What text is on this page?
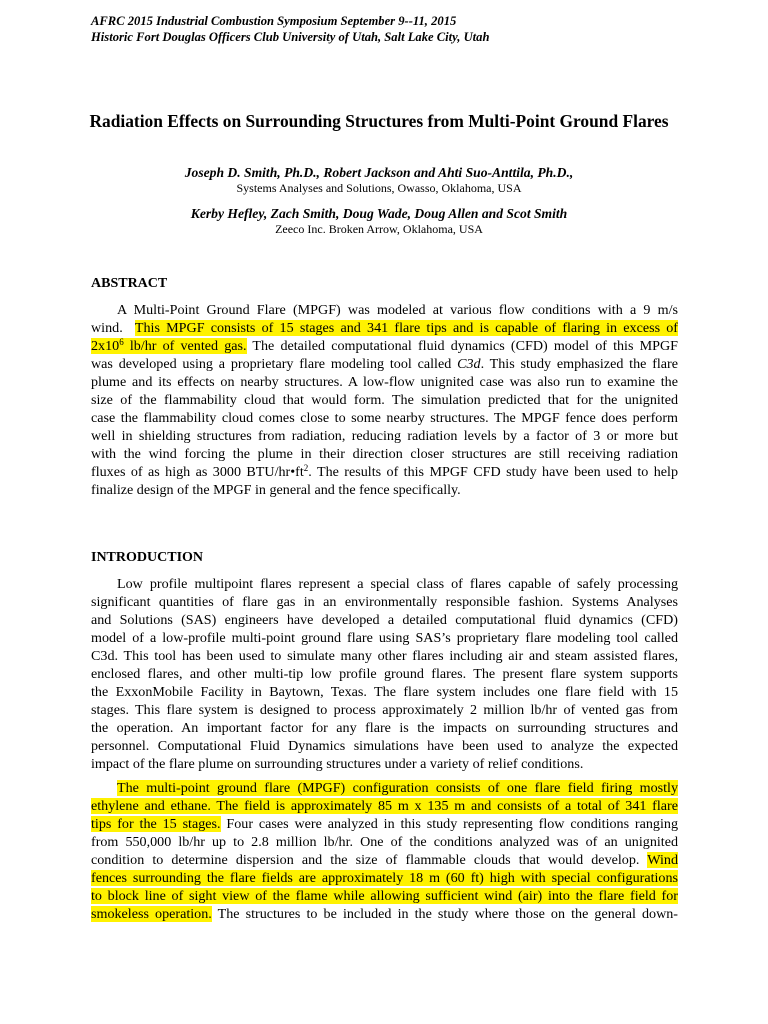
AFRC 2015 Industrial Combustion Symposium September 9--11, 2015
Historic Fort Douglas Officers Club University of Utah, Salt Lake City, Utah
Radiation Effects on Surrounding Structures from Multi-Point Ground Flares
Joseph D. Smith, Ph.D., Robert Jackson and Ahti Suo-Anttila, Ph.D.,
Systems Analyses and Solutions, Owasso, Oklahoma, USA
Kerby Hefley, Zach Smith, Doug Wade, Doug Allen and Scot Smith
Zeeco Inc. Broken Arrow, Oklahoma, USA
ABSTRACT
A Multi-Point Ground Flare (MPGF) was modeled at various flow conditions with a 9 m/s
wind. This MPGF consists of 15 stages and 341 flare tips and is capable of flaring in excess of
$2x10^6$ lb/hr of vented gas. The detailed computational fluid dynamics (CFD) model of this MPGF
was developed using a proprietary flare modeling tool called C3d. This study emphasized the flare
plume and its effects on nearby structures. A low-flow unignited case was also run to examine the
size of the flammability cloud that would form. The simulation predicted that for the unignited
case the flammability cloud comes close to some nearby structures. The MPGF fence does perform
well in shielding structures from radiation, reducing radiation levels by a factor of 3 or more but
with the wind forcing the plume in their direction closer structures are still receiving radiation
fluxes of as high as 3000 BTU/$hr•ft^2$. The results of this MPGF CFD study have been used to help
finalize design of the MPGF in general and the fence specifically.
INTRODUCTION
Low profile multipoint flares represent a special class of flares capable of safely processing
significant quantities of flare gas in an environmentally responsible fashion. Systems Analyses
and Solutions (SAS) engineers have developed a detailed computational fluid dynamics (CFD)
model of a low-profile multi-point ground flare using SAS’s proprietary flare modeling tool called
C3d. This tool has been used to simulate many other flares including air and steam assisted flares,
enclosed flares, and other multi-tip low profile ground flares. The present flare system supports
the ExxonMobile Facility in Baytown, Texas. The flare system includes one flare field with 15
stages. This flare system is designed to process approximately 2 million lb/hr of vented gas from
the operation. An important factor for any flare is the impacts on surrounding structures and
personnel. Computational Fluid Dynamics simulations have been used to analyze the expected
impact of the flare plume on surrounding structures under a variety of relief conditions.
The multi-point ground flare (MPGF) configuration consists of one flare field firing mostly
ethylene and ethane. The field is approximately 85 m x 135 m and consists of a total of 341 flare
tips for the 15 stages. Four cases were analyzed in this study representing flow conditions ranging
from 550,000 lb/hr up to 2.8 million lb/hr. One of the conditions analyzed was of an unignited
condition to determine dispersion and the size of flammable clouds that would develop. Wind
fences surrounding the flare fields are approximately 18 m (60 ft) high with special configurations
to block line of sight view of the flame while allowing sufficient wind (air) into the flare field for
smokeless operation. The structures to be included in the study where those on the general down-
